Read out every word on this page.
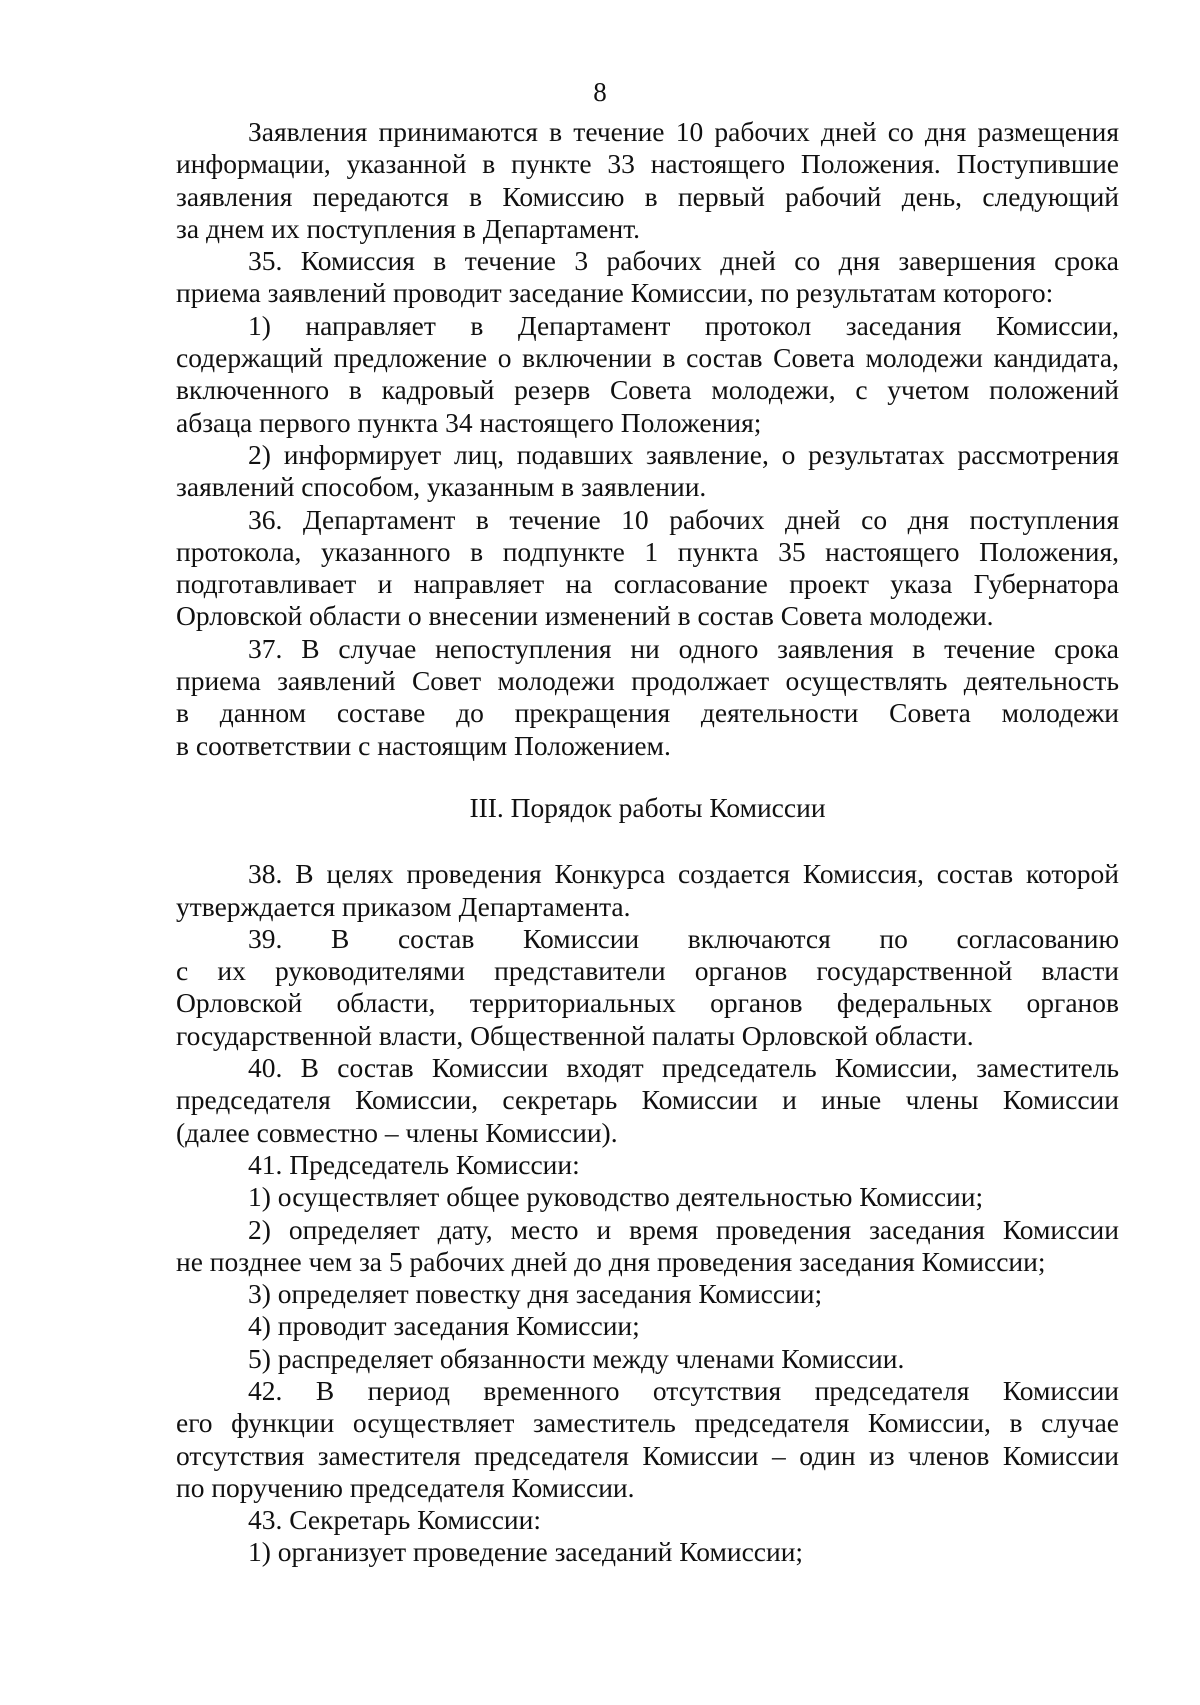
8
Заявления принимаются в течение 10 рабочих дней со дня размещения
информации, указанной в пункте 33 настоящего Положения. Поступившие
заявления передаются в Комиссию в первый рабочий день, следующий
за днем их поступления в Департамент.
35. Комиссия в течение 3 рабочих дней со дня завершения срока
приема заявлений проводит заседание Комиссии, по результатам которого:
1) направляет в Департамент протокол заседания Комиссии,
содержащий предложение о включении в состав Совета молодежи кандидата,
включенного в кадровый резерв Совета молодежи, с учетом положений
абзаца первого пункта 34 настоящего Положения;
2) информирует лиц, подавших заявление, о результатах рассмотрения
заявлений способом, указанным в заявлении.
36. Департамент в течение 10 рабочих дней со дня поступления
протокола, указанного в подпункте 1 пункта 35 настоящего Положения,
подготавливает и направляет на согласование проект указа Губернатора
Орловской области о внесении изменений в состав Совета молодежи.
37. В случае непоступления ни одного заявления в течение срока
приема заявлений Совет молодежи продолжает осуществлять деятельность
в данном составе до прекращения деятельности Совета молодежи
в соответствии с настоящим Положением.
III. Порядок работы Комиссии
38. В целях проведения Конкурса создается Комиссия, состав которой
утверждается приказом Департамента.
39. В состав Комиссии включаются по согласованию
с их руководителями представители органов государственной власти
Орловской области, территориальных органов федеральных органов
государственной власти, Общественной палаты Орловской области.
40. В состав Комиссии входят председатель Комиссии, заместитель
председателя Комиссии, секретарь Комиссии и иные члены Комиссии
(далее совместно – члены Комиссии).
41. Председатель Комиссии:
1) осуществляет общее руководство деятельностью Комиссии;
2) определяет дату, место и время проведения заседания Комиссии
не позднее чем за 5 рабочих дней до дня проведения заседания Комиссии;
3) определяет повестку дня заседания Комиссии;
4) проводит заседания Комиссии;
5) распределяет обязанности между членами Комиссии.
42. В период временного отсутствия председателя Комиссии
его функции осуществляет заместитель председателя Комиссии, в случае
отсутствия заместителя председателя Комиссии – один из членов Комиссии
по поручению председателя Комиссии.
43. Секретарь Комиссии:
1) организует проведение заседаний Комиссии;
